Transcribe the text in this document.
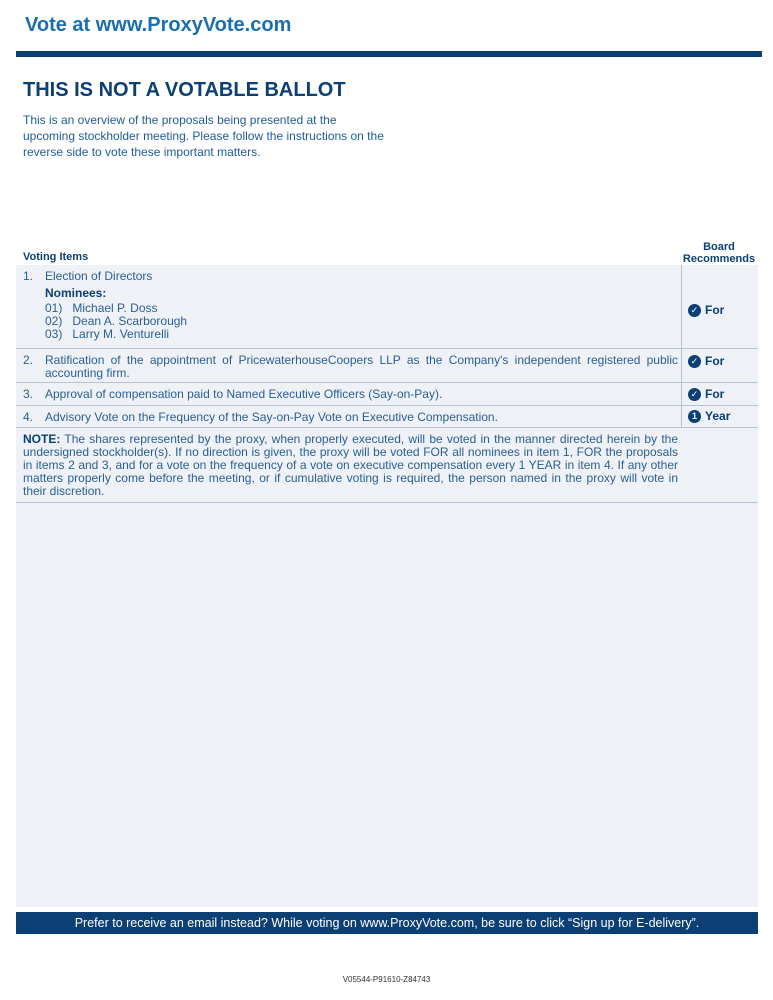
Vote at www.ProxyVote.com
THIS IS NOT A VOTABLE BALLOT
This is an overview of the proposals being presented at the upcoming stockholder meeting. Please follow the instructions on the reverse side to vote these important matters.
Voting Items
Board
Recommends
1. Election of Directors
Nominees:
01) Michael P. Doss
02) Dean A. Scarborough
03) Larry M. Venturelli
✓ For
2. Ratification of the appointment of PricewaterhouseCoopers LLP as the Company's independent registered public accounting firm.
✓ For
3. Approval of compensation paid to Named Executive Officers (Say-on-Pay).	✓ For
4. Advisory Vote on the Frequency of the Say-on-Pay Vote on Executive Compensation.	1 Year
NOTE: The shares represented by the proxy, when properly executed, will be voted in the manner directed herein by the undersigned stockholder(s). If no direction is given, the proxy will be voted FOR all nominees in item 1, FOR the proposals in items 2 and 3, and for a vote on the frequency of a vote on executive compensation every 1 YEAR in item 4. If any other matters properly come before the meeting, or if cumulative voting is required, the person named in the proxy will vote in their discretion.
Prefer to receive an email instead? While voting on www.ProxyVote.com, be sure to click “Sign up for E-delivery”.
V05544-P91610-Z84743
